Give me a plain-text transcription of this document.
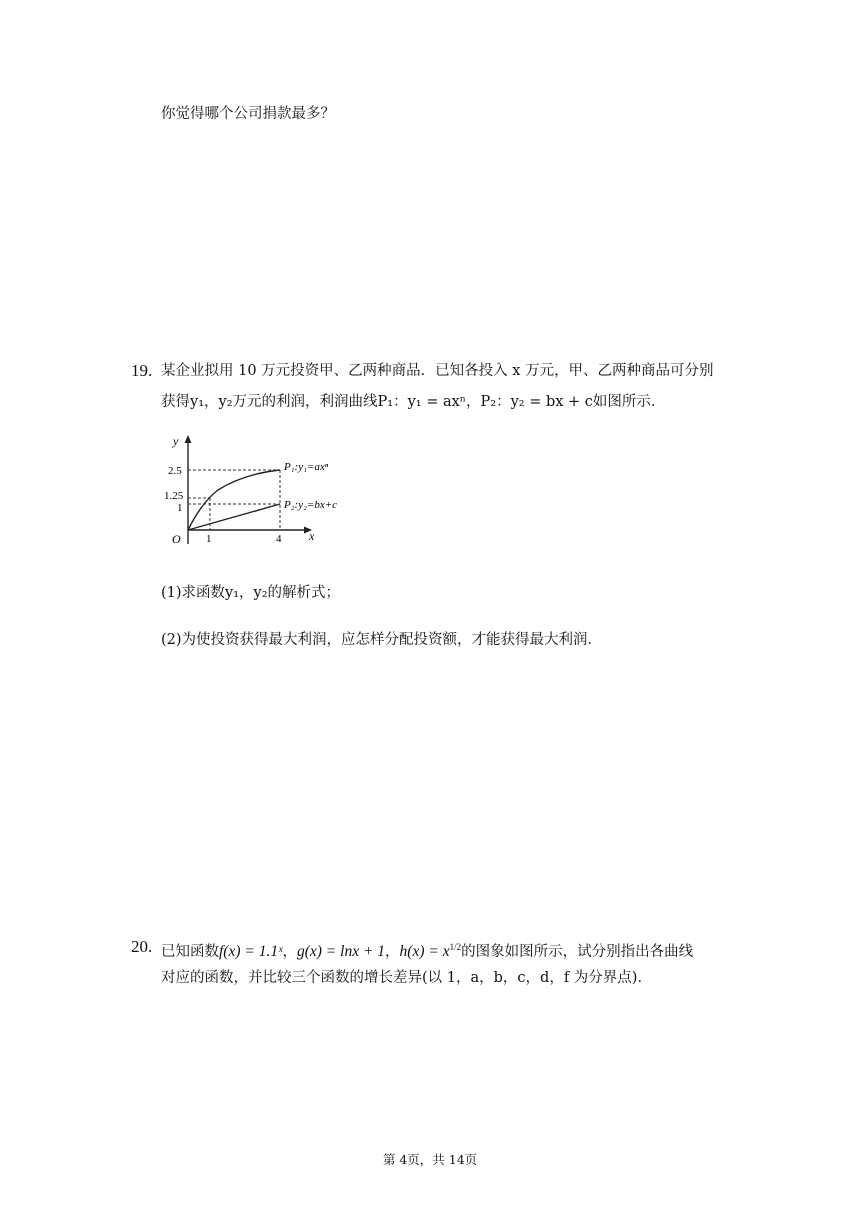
你觉得哪个公司捐款最多？
19. 某企业拟用 10 万元投资甲、乙两种商品．已知各投入 x 万元，甲、乙两种商品可分别
获得y₁，y₂万元的利润，利润曲线P₁：y₁ = axⁿ，P₂：y₂ = bx + c如图所示．
y
x
O
2.5
1.25
1
1	4
P₁:y₁=axⁿ
P₂:y₂=bx+c
(1)求函数y₁，y₂的解析式；
(2)为使投资获得最大利润，应怎样分配投资额，才能获得最大利润．
20. 已知函数f(x) = 1.1ˣ，g(x) = lnx + 1，$h(x) = x^{1/2}$的图象如图所示，试分别指出各曲线
对应的函数，并比较三个函数的增长差异(以 1，a，b，c，d，f 为分界点)．
第 4页，共 14页
